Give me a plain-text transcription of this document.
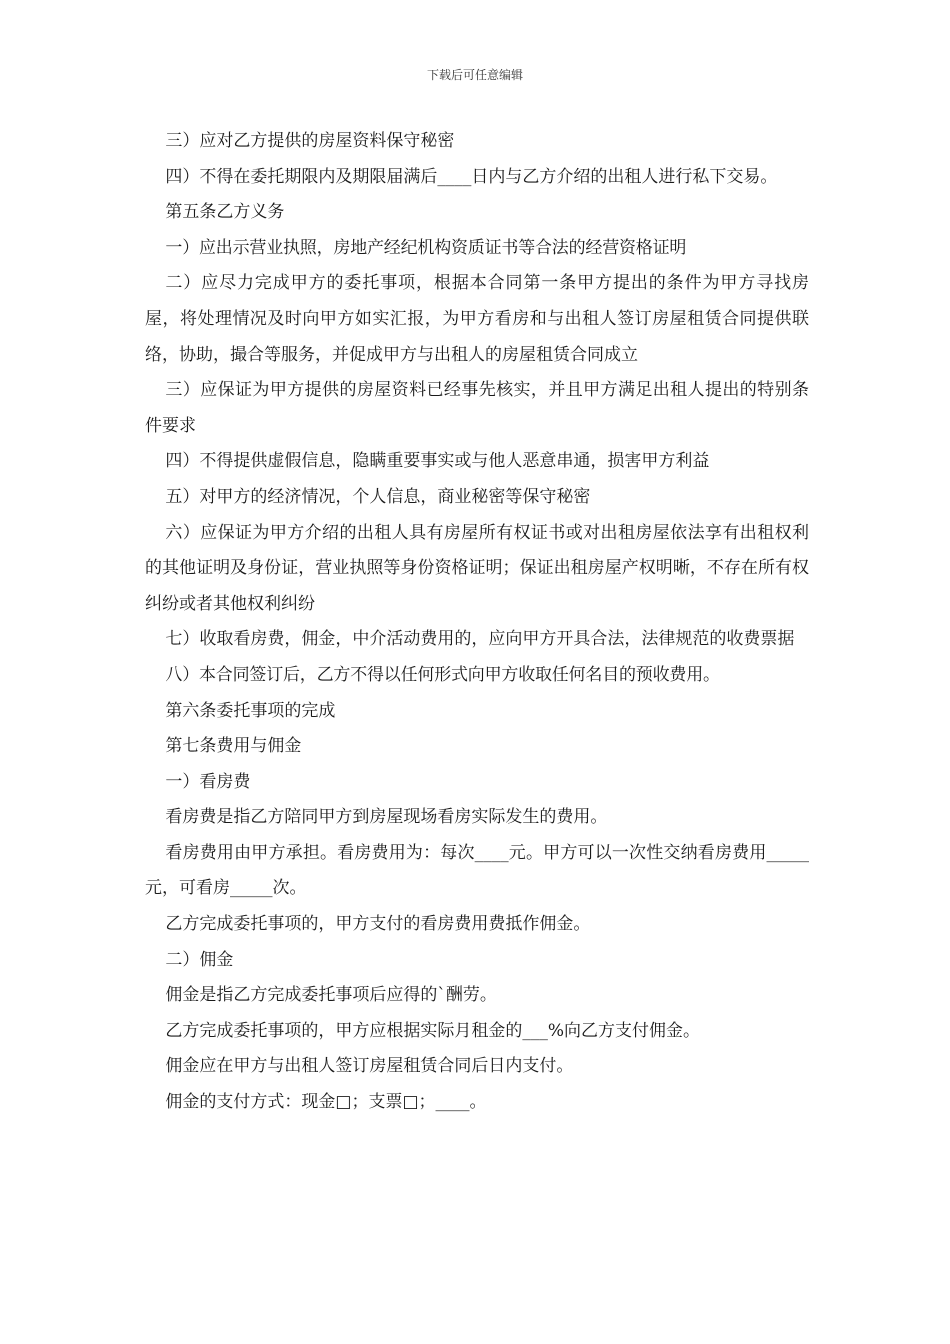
下载后可任意编辑

三）应对乙方提供的房屋资料保守秘密

四）不得在委托期限内及期限届满后____日内与乙方介绍的出租人进行私下交易。

第五条乙方义务

一）应出示营业执照，房地产经纪机构资质证书等合法的经营资格证明

二）应尽力完成甲方的委托事项，根据本合同第一条甲方提出的条件为甲方寻找房屋，将处理情况及时向甲方如实汇报，为甲方看房和与出租人签订房屋租赁合同提供联络，协助，撮合等服务，并促成甲方与出租人的房屋租赁合同成立

三）应保证为甲方提供的房屋资料已经事先核实，并且甲方满足出租人提出的特别条件要求

四）不得提供虚假信息，隐瞒重要事实或与他人恶意串通，损害甲方利益

五）对甲方的经济情况，个人信息，商业秘密等保守秘密

六）应保证为甲方介绍的出租人具有房屋所有权证书或对出租房屋依法享有出租权利的其他证明及身份证，营业执照等身份资格证明；保证出租房屋产权明晰，不存在所有权纠纷或者其他权利纠纷

七）收取看房费，佣金，中介活动费用的，应向甲方开具合法，法律规范的收费票据

八）本合同签订后，乙方不得以任何形式向甲方收取任何名目的预收费用。

第六条委托事项的完成

第七条费用与佣金

一）看房费

看房费是指乙方陪同甲方到房屋现场看房实际发生的费用。

看房费用由甲方承担。看房费用为：每次____元。甲方可以一次性交纳看房费用_____元，可看房_____次。

乙方完成委托事项的，甲方支付的看房费用费抵作佣金。

二）佣金

佣金是指乙方完成委托事项后应得的`酬劳。

乙方完成委托事项的，甲方应根据实际月租金的___%向乙方支付佣金。

佣金应在甲方与出租人签订房屋租赁合同后日内支付。

佣金的支付方式：现金□；支票□；____。
